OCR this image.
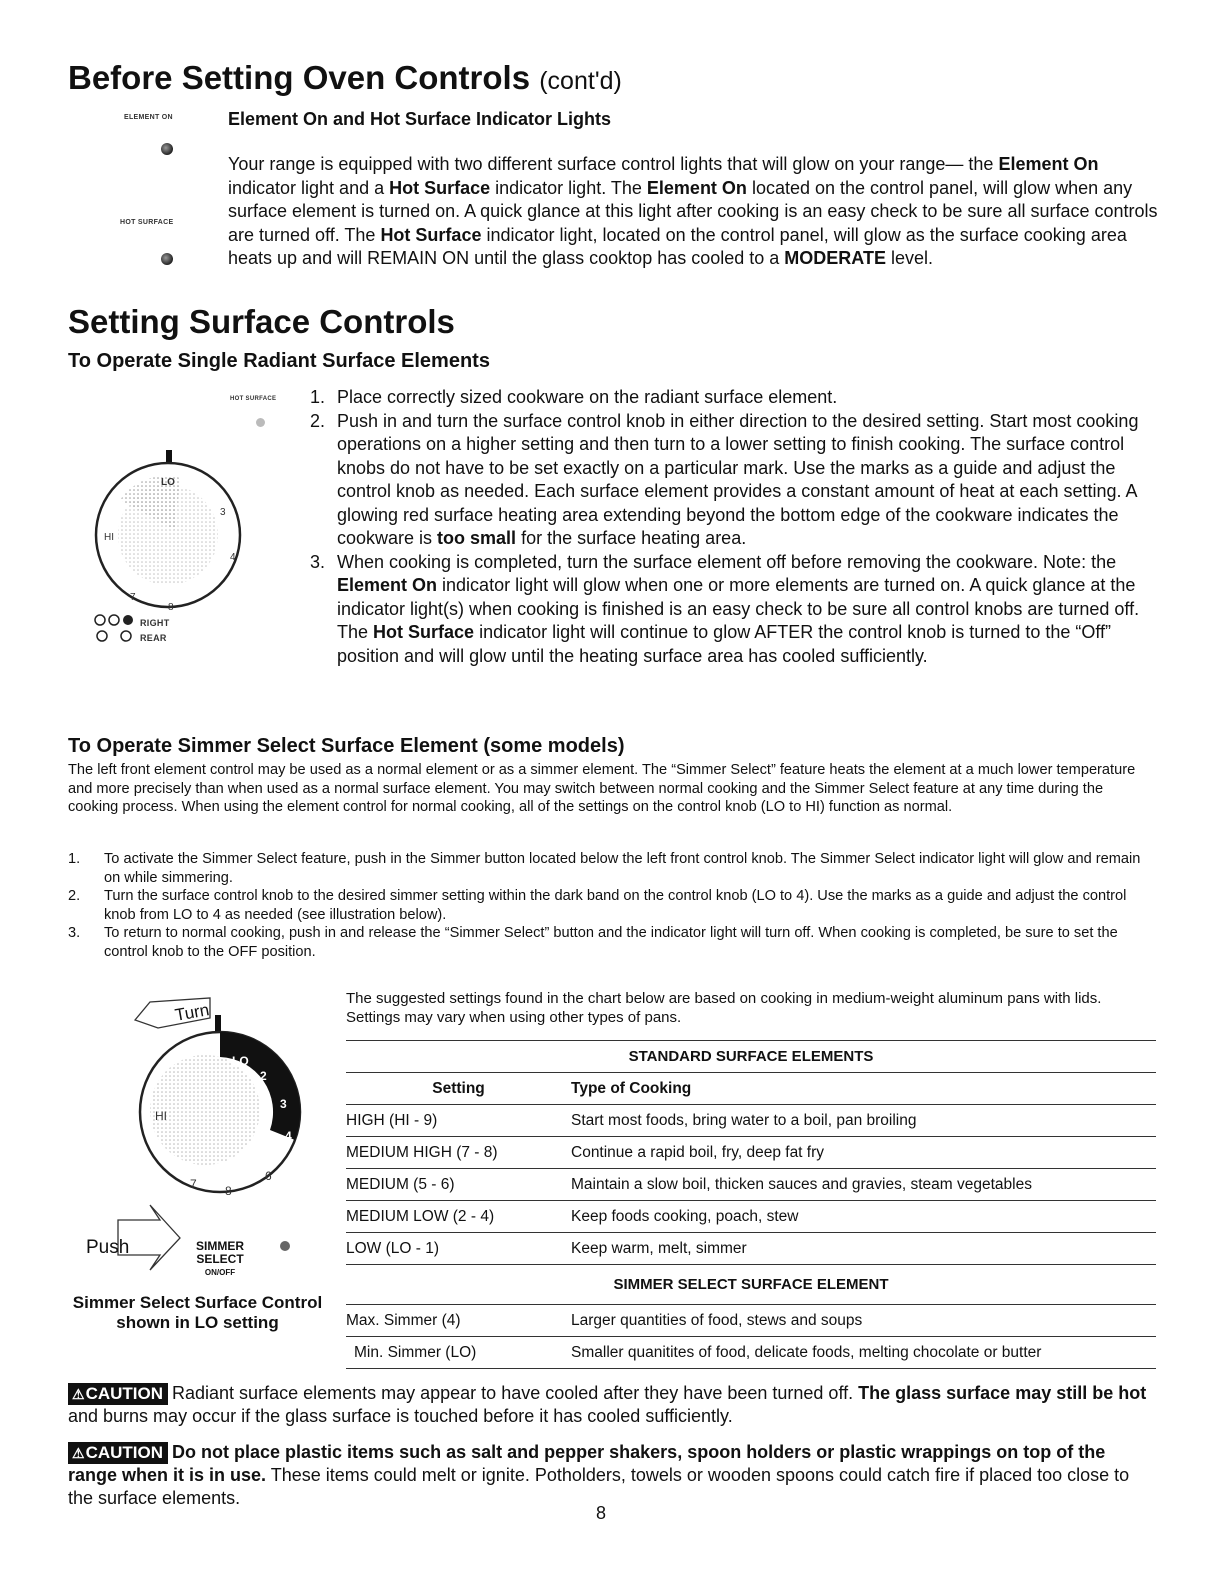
Before Setting Oven Controls (cont'd)
ELEMENT ON
HOT SURFACE
Element On and Hot Surface Indicator Lights
Your range is equipped with two different surface control lights that will glow on your range— the Element On indicator light and a Hot Surface indicator light. The Element On located on the control panel, will glow when any surface element is turned on. A quick glance at this light after cooking is an easy check to be sure all surface controls are turned off. The Hot Surface indicator light, located on the control panel, will glow as the surface cooking area heats up and will REMAIN ON until the glass cooktop has cooled to a MODERATE level.
Setting Surface Controls
To Operate Single Radiant Surface Elements
HOT SURFACE
LO
3
4
7
8
HI
RIGHT
REAR
1. Place correctly sized cookware on the radiant surface element.
2. Push in and turn the surface control knob in either direction to the desired setting. Start most cooking operations on a higher setting and then turn to a lower setting to finish cooking. The surface control knobs do not have to be set exactly on a particular mark. Use the marks as a guide and adjust the control knob as needed. Each surface element provides a constant amount of heat at each setting. A glowing red surface heating area extending beyond the bottom edge of the cookware indicates the cookware is too small for the surface heating area.
3. When cooking is completed, turn the surface element off before removing the cookware. Note: the Element On indicator light will glow when one or more elements are turned on. A quick glance at the indicator light(s) when cooking is finished is an easy check to be sure all control knobs are turned off. The Hot Surface indicator light will continue to glow AFTER the control knob is turned to the “Off” position and will glow until the heating surface area has cooled sufficiently.
To Operate Simmer Select Surface Element (some models)
The left front element control may be used as a normal element or as a simmer element. The “Simmer Select” feature heats the element at a much lower temperature and more precisely than when used as a normal surface element. You may switch between normal cooking and the Simmer Select feature at any time during the cooking process. When using the element control for normal cooking, all of the settings on the control knob (LO to HI) function as normal.
1.	To activate the Simmer Select feature, push in the Simmer button located below the left front control knob. The Simmer Select indicator light will glow and remain on while simmering.
2.	Turn the surface control knob to the desired simmer setting within the dark band on the control knob (LO to 4). Use the marks as a guide and adjust the control knob from LO to 4 as needed (see illustration below).
3.	To return to normal cooking, push in and release the “Simmer Select” button and the indicator light will turn off. When cooking is completed, be sure to set the control knob to the OFF position.
LO
2
3
4
HI
7 8
6
Turn
Push	SIMMER
SELECT
ON/OFF
Simmer Select Surface Control
shown in LO setting
The suggested settings found in the chart below are based on cooking in medium-weight aluminum pans with lids. Settings may vary when using other types of pans.
STANDARD SURFACE ELEMENTS	
Setting	Type of Cooking
HIGH (HI - 9)	Start most foods, bring water to a boil, pan broiling
MEDIUM HIGH (7 - 8)	Continue a rapid boil, fry, deep fat fry
MEDIUM (5 - 6)	Maintain a slow boil, thicken sauces and gravies, steam vegetables
MEDIUM LOW (2 - 4)	Keep foods cooking, poach, stew
LOW (LO - 1)	Keep warm, melt, simmer
SIMMER SELECT SURFACE ELEMENT	
Max. Simmer (4)	Larger quantities of food, stews and soups
Min. Simmer (LO)	Smaller quanitites of food, delicate foods, melting chocolate or butter
⚠CAUTION Radiant surface elements may appear to have cooled after they have been turned off. The glass surface may still be hot and burns may occur if the glass surface is touched before it has cooled sufficiently.
⚠CAUTION Do not place plastic items such as salt and pepper shakers, spoon holders or plastic wrappings on top of the range when it is in use. These items could melt or ignite. Potholders, towels or wooden spoons could catch fire if placed too close to the surface elements.
8
